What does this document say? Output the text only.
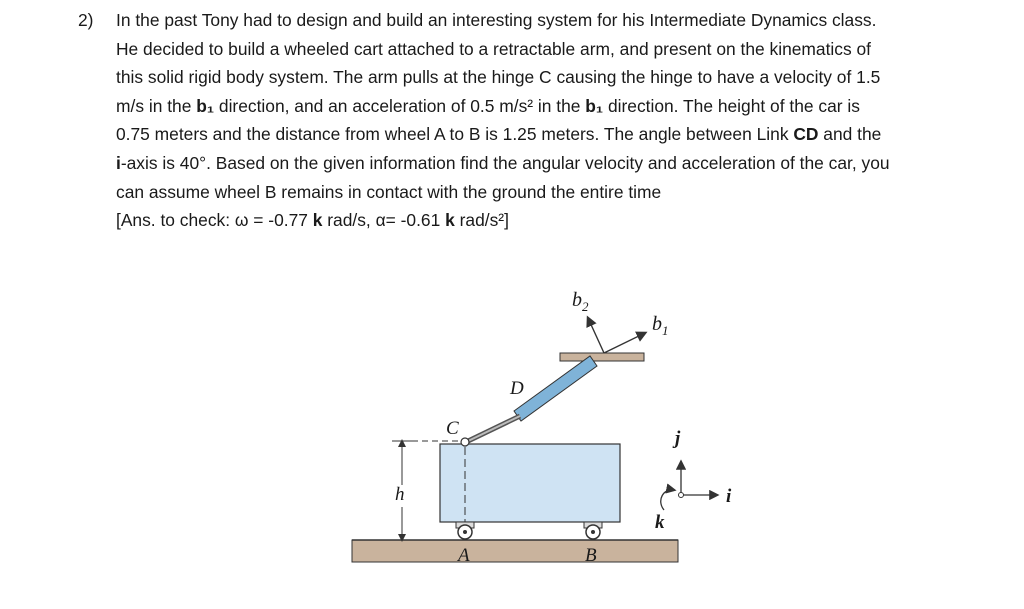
2) In the past Tony had to design and build an interesting system for his Intermediate Dynamics class.
He decided to build a wheeled cart attached to a retractable arm, and present on the kinematics of
this solid rigid body system. The arm pulls at the hinge C causing the hinge to have a velocity of 1.5
m/s in the b₁ direction, and an acceleration of 0.5 m/s² in the b₁ direction. The height of the car is
0.75 meters and the distance from wheel A to B is 1.25 meters. The angle between Link CD and the
i-axis is 40°. Based on the given information find the angular velocity and acceleration of the car, you
can assume wheel B remains in contact with the ground the entire time
[Ans. to check: ω = -0.77 k rad/s, α= -0.61 k rad/s²]
$b_2$
$b_1$
D
C
h
A	B
j
i
k
